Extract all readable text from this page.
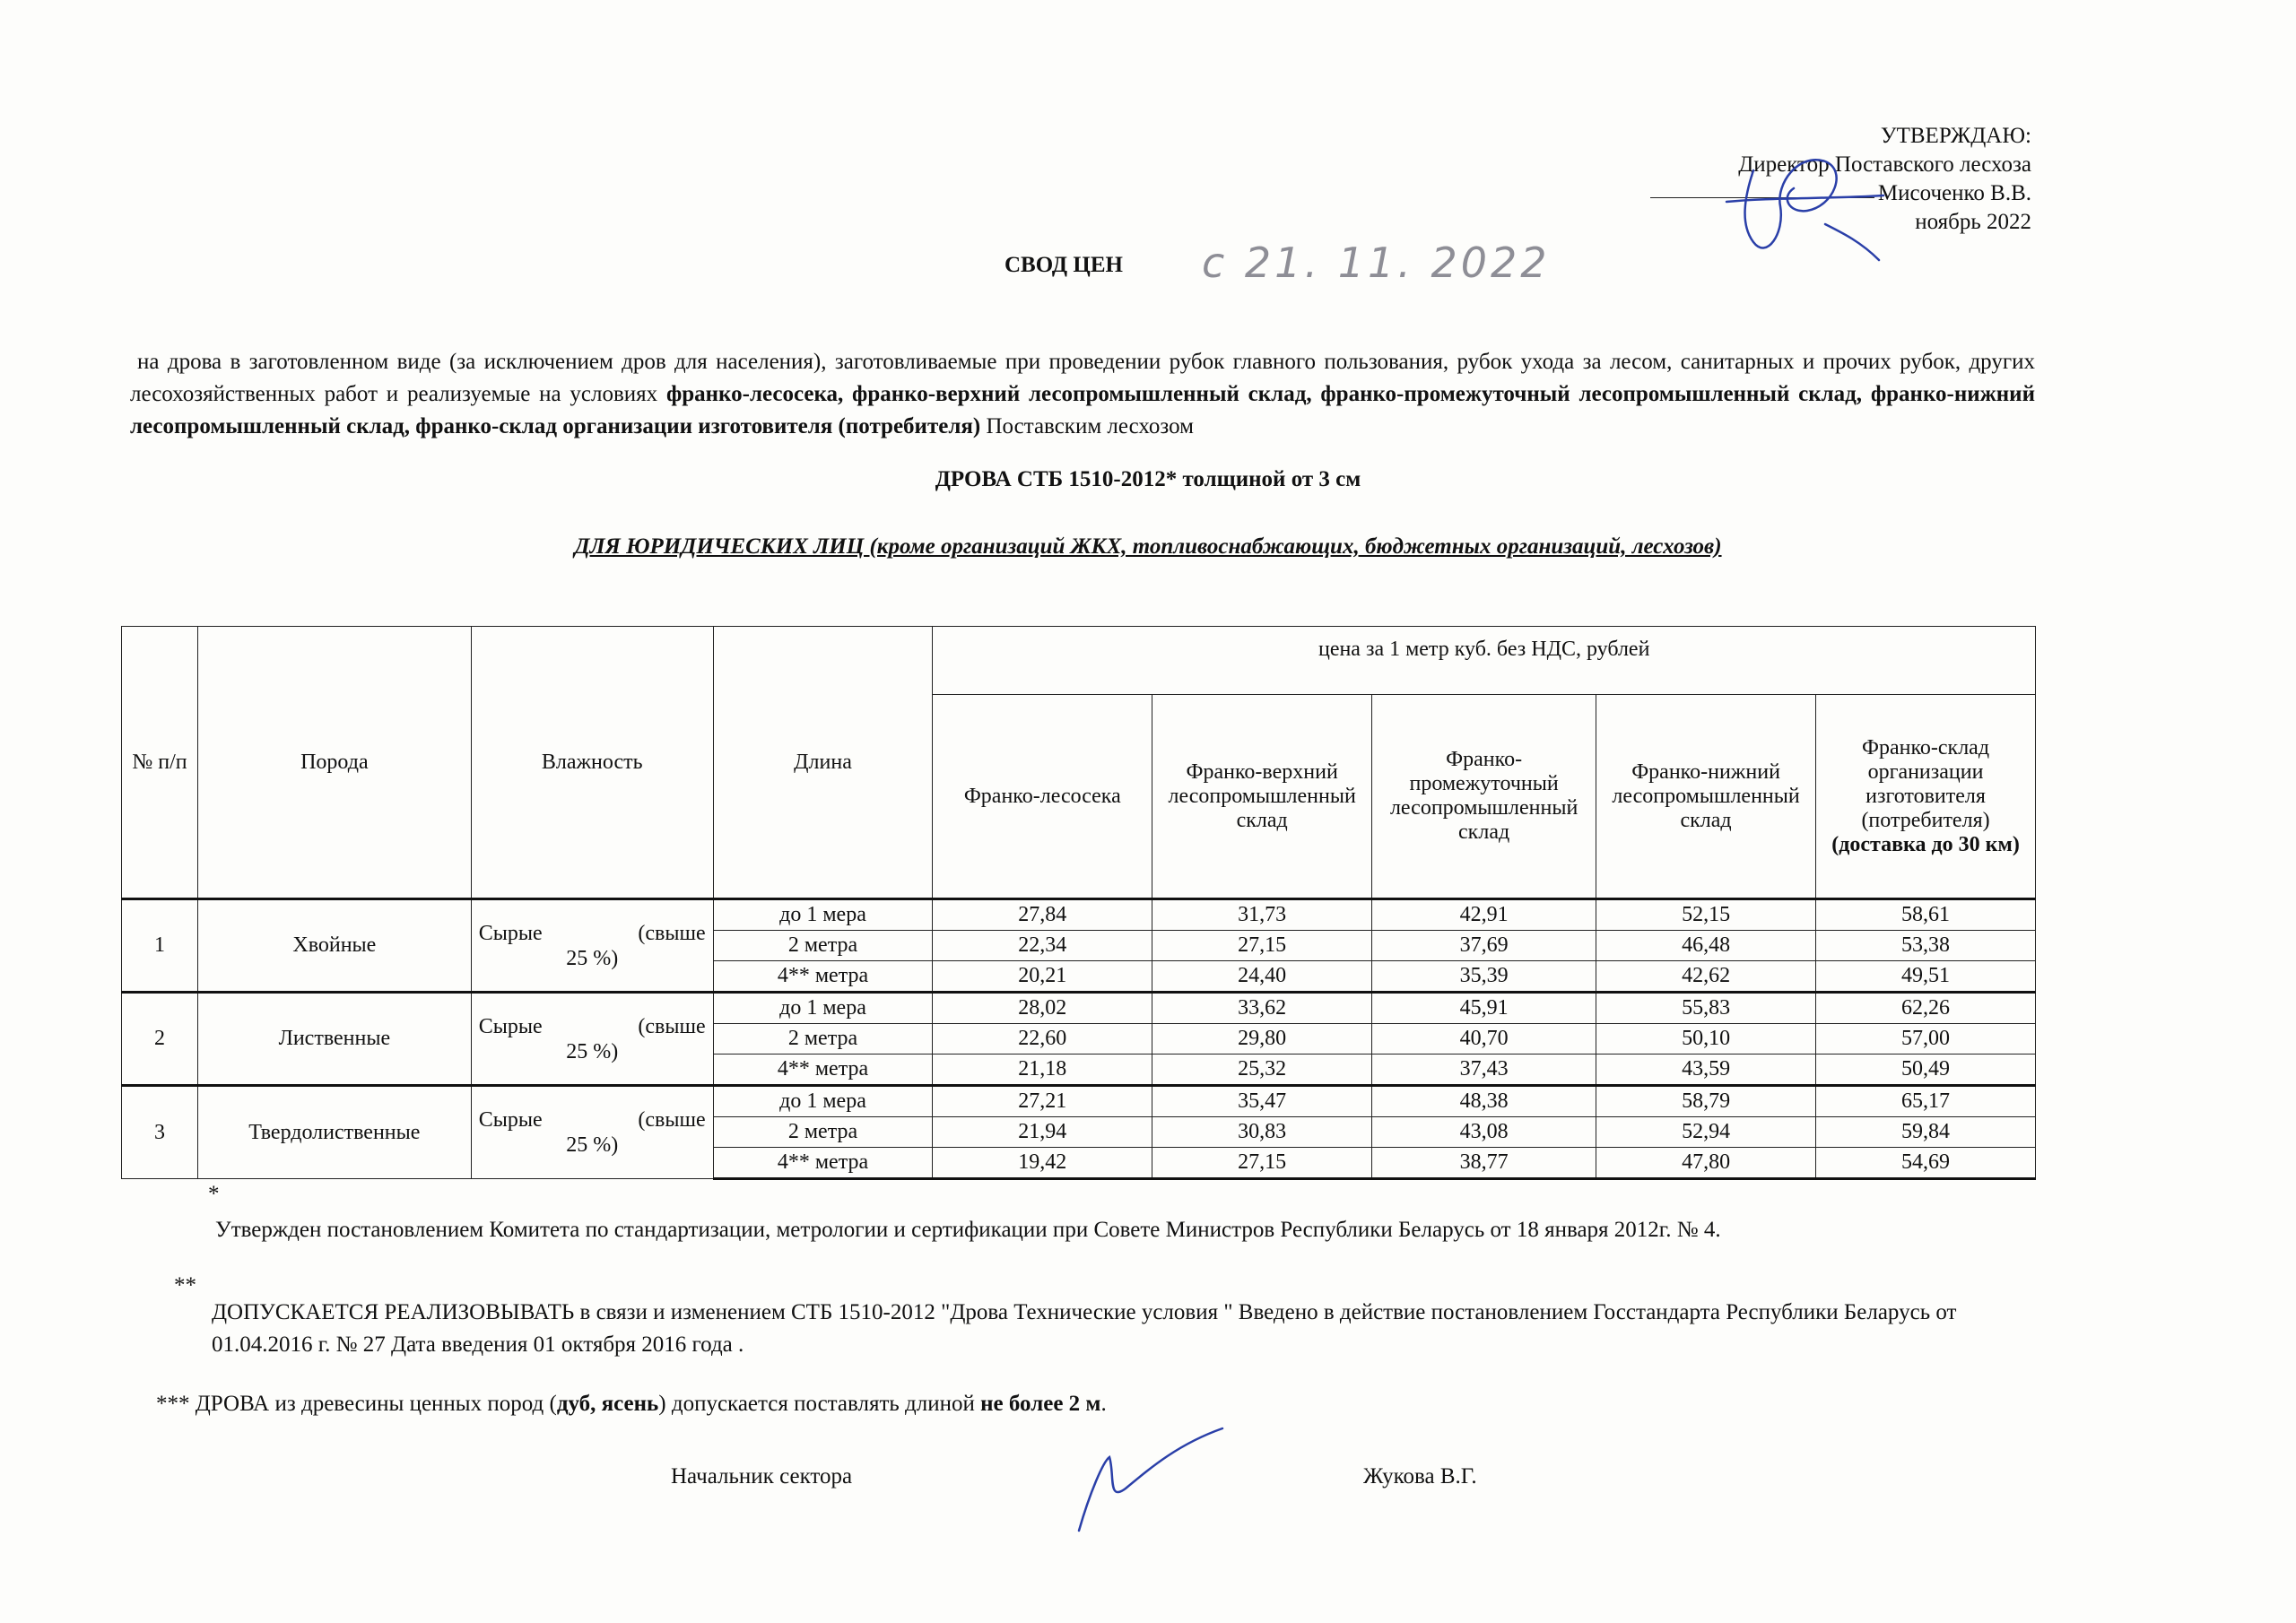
УТВЕРЖДАЮ:
Директор Поставского лесхоза
Мисоченко В.В.
ноябрь 2022
СВОД ЦЕН с 21. 11. 2022
на дрова в заготовленном виде (за исключением дров для населения), заготовливаемые при проведении рубок главного пользования, рубок ухода за лесом, санитарных и прочих рубок, других лесохозяйственных работ и реализуемые на условиях франко-лесосека, франко-верхний лесопромышленный склад, франко-промежуточный лесопромышленный склад, франко-нижний лесопромышленный склад, франко-склад организации изготовителя (потребителя) Поставским лесхозом
ДРОВА СТБ 1510-2012* толщиной от 3 см
ДЛЯ ЮРИДИЧЕСКИХ ЛИЦ (кроме организаций ЖКХ, топливоснабжающих, бюджетных организаций, лесхозов)
№ п/п	Порода	Влажность	Длина	цена за 1 метр куб. без НДС, рублей				
				Франко-лесосека	Франко-верхний лесопромышленный склад	Франко-промежуточный лесопромышленный склад	Франко-нижний лесопромышленный склад	Франко-склад организации изготовителя (потребителя)
(доставка до 30 км)
1	Хвойные	Сырые (свыше
25 %)	до 1 мера	27,84	31,73	42,91	52,15	58,61
			2 метра	22,34	27,15	37,69	46,48	53,38
			4** метра	20,21	24,40	35,39	42,62	49,51
2	Лиственные	Сырые (свыше
25 %)	до 1 мера	28,02	33,62	45,91	55,83	62,26
			2 метра	22,60	29,80	40,70	50,10	57,00
			4** метра	21,18	25,32	37,43	43,59	50,49
3	Твердолиственные	Сырые (свыше
25 %)	до 1 мера	27,21	35,47	48,38	58,79	65,17
			2 метра	21,94	30,83	43,08	52,94	59,84
			4** метра	19,42	27,15	38,77	47,80	54,69
*
Утвержден постановлением Комитета по стандартизации, метрологии и сертификации при Совете Министров Республики Беларусь от 18 января 2012г. № 4.
**
ДОПУСКАЕТСЯ РЕАЛИЗОВЫВАТЬ в связи и изменением СТБ 1510-2012 "Дрова Технические условия " Введено в действие постановлением Госстандарта Республики Беларусь от 01.04.2016 г. № 27 Дата введения 01 октября 2016 года .
*** ДРОВА из древесины ценных пород (дуб, ясень) допускается поставлять длиной не более 2 м.
Начальник сектора	Жукова В.Г.
